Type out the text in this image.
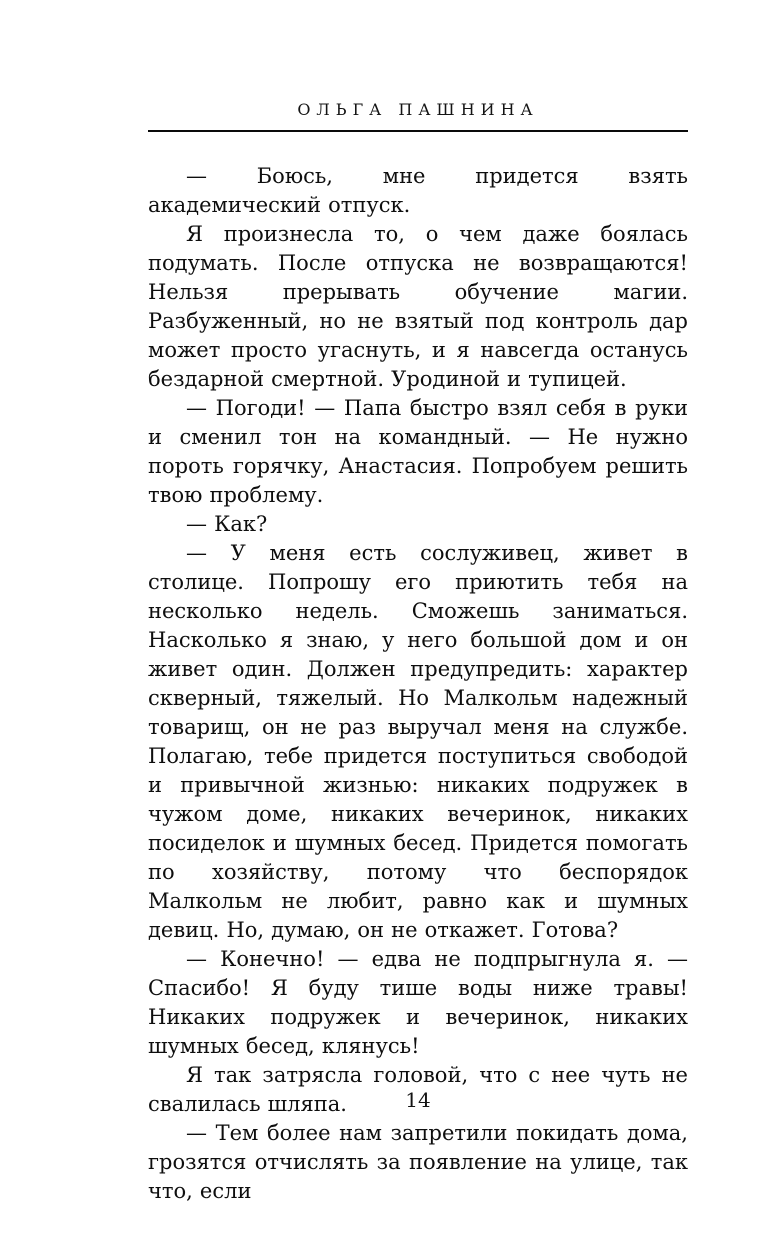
ОЛЬГА ПАШНИНА

— Боюсь, мне придется взять академический отпуск.

Я произнесла то, о чем даже боялась подумать. После отпуска не возвращаются! Нельзя прерывать обучение магии. Разбуженный, но не взятый под контроль дар может просто угаснуть, и я навсегда останусь бездарной смертной. Уродиной и тупицей.

— Погоди! — Папа быстро взял себя в руки и сменил тон на командный. — Не нужно пороть горячку, Анастасия. Попробуем решить твою проблему.

— Как?

— У меня есть сослуживец, живет в столице. Попрошу его приютить тебя на несколько недель. Сможешь заниматься. Насколько я знаю, у него большой дом и он живет один. Должен предупредить: характер скверный, тяжелый. Но Малкольм надежный товарищ, он не раз выручал меня на службе. Полагаю, тебе придется поступиться свободой и привычной жизнью: никаких подружек в чужом доме, никаких вечеринок, никаких посиделок и шумных бесед. Придется помогать по хозяйству, потому что беспорядок Малкольм не любит, равно как и шумных девиц. Но, думаю, он не откажет. Готова?

— Конечно! — едва не подпрыгнула я. — Спасибо! Я буду тише воды ниже травы! Никаких подружек и вечеринок, никаких шумных бесед, клянусь!

Я так затрясла головой, что с нее чуть не свалилась шляпа.

— Тем более нам запретили покидать дома, грозятся отчислять за появление на улице, так что, если

14
